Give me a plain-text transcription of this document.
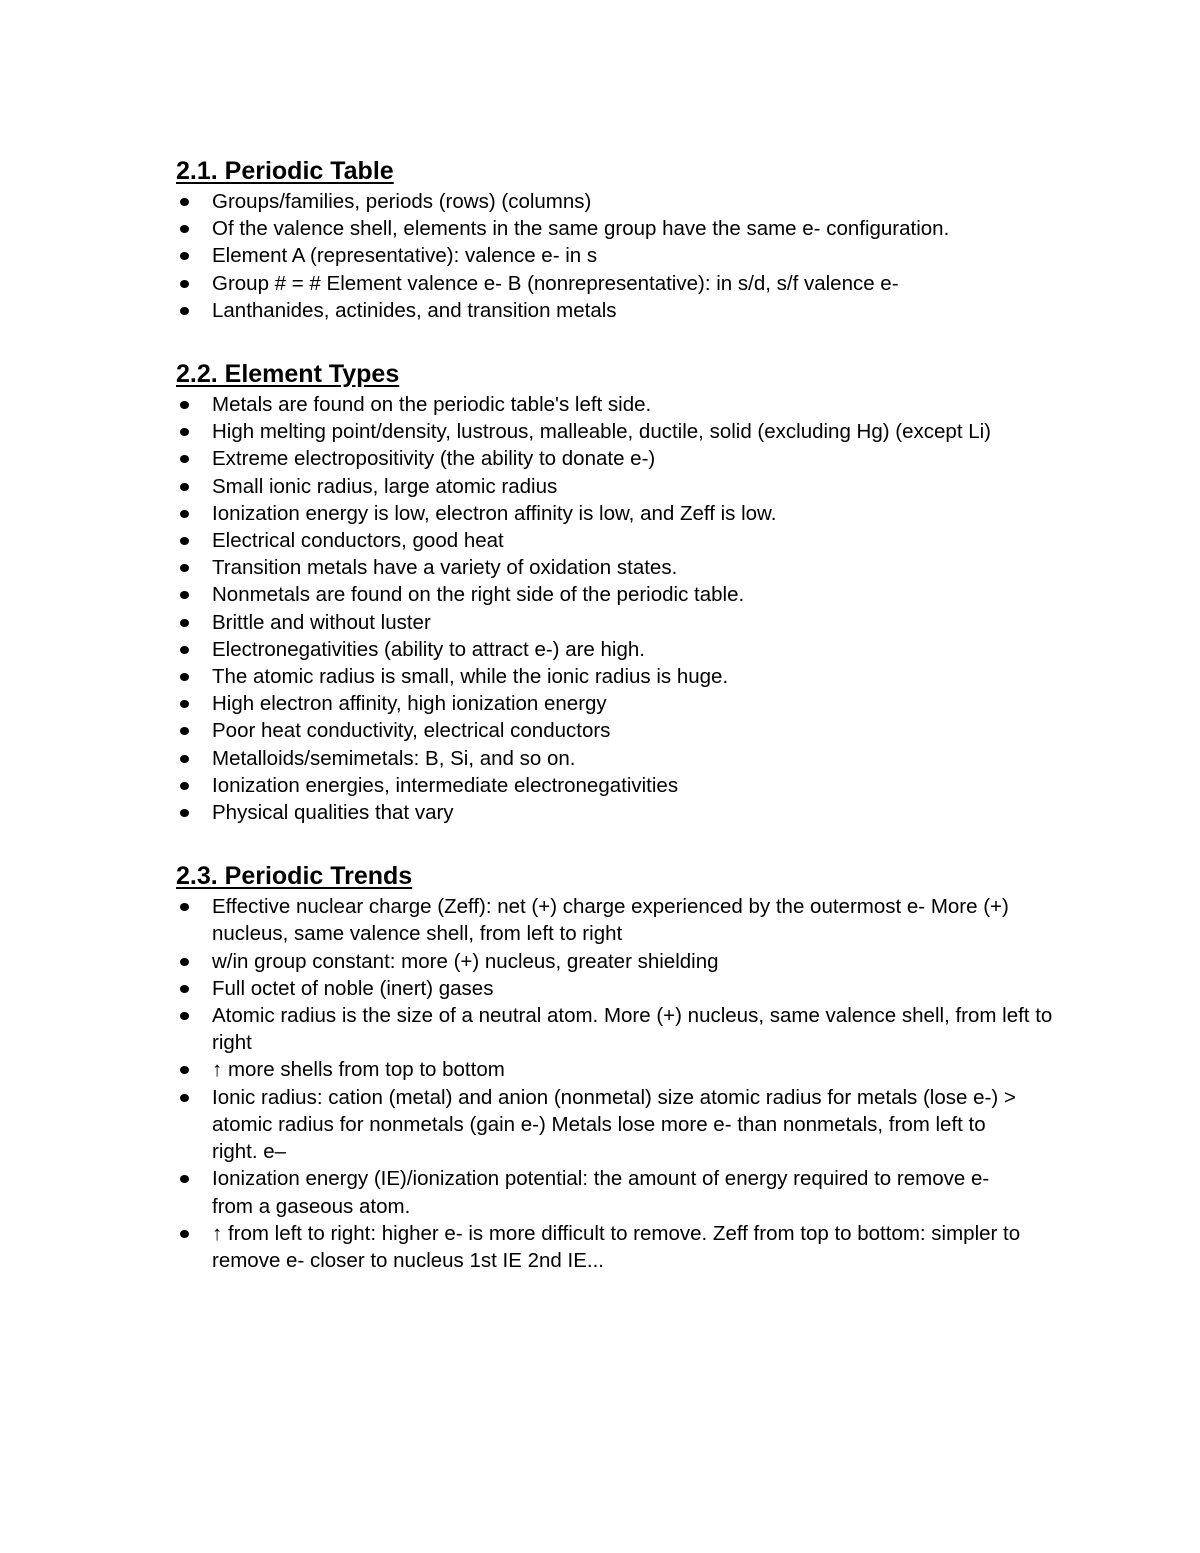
2.1. Periodic Table
Groups/families, periods (rows) (columns)
Of the valence shell, elements in the same group have the same e- configuration.
Element A (representative): valence e- in s
Group # = # Element valence e- B (nonrepresentative): in s/d, s/f valence e-
Lanthanides, actinides, and transition metals
2.2. Element Types
Metals are found on the periodic table's left side.
High melting point/density, lustrous, malleable, ductile, solid (excluding Hg) (except Li)
Extreme electropositivity (the ability to donate e-)
Small ionic radius, large atomic radius
Ionization energy is low, electron affinity is low, and Zeff is low.
Electrical conductors, good heat
Transition metals have a variety of oxidation states.
Nonmetals are found on the right side of the periodic table.
Brittle and without luster
Electronegativities (ability to attract e-) are high.
The atomic radius is small, while the ionic radius is huge.
High electron affinity, high ionization energy
Poor heat conductivity, electrical conductors
Metalloids/semimetals: B, Si, and so on.
Ionization energies, intermediate electronegativities
Physical qualities that vary
2.3. Periodic Trends
Effective nuclear charge (Zeff): net (+) charge experienced by the outermost e- More (+) nucleus, same valence shell, from left to right
w/in group constant: more (+) nucleus, greater shielding
Full octet of noble (inert) gases
Atomic radius is the size of a neutral atom. More (+) nucleus, same valence shell, from left to right
↑ more shells from top to bottom
Ionic radius: cation (metal) and anion (nonmetal) size atomic radius for metals (lose e-) > atomic radius for nonmetals (gain e-) Metals lose more e- than nonmetals, from left to right. e–
Ionization energy (IE)/ionization potential: the amount of energy required to remove e- from a gaseous atom.
↑ from left to right: higher e- is more difficult to remove. Zeff from top to bottom: simpler to remove e- closer to nucleus 1st IE 2nd IE...
